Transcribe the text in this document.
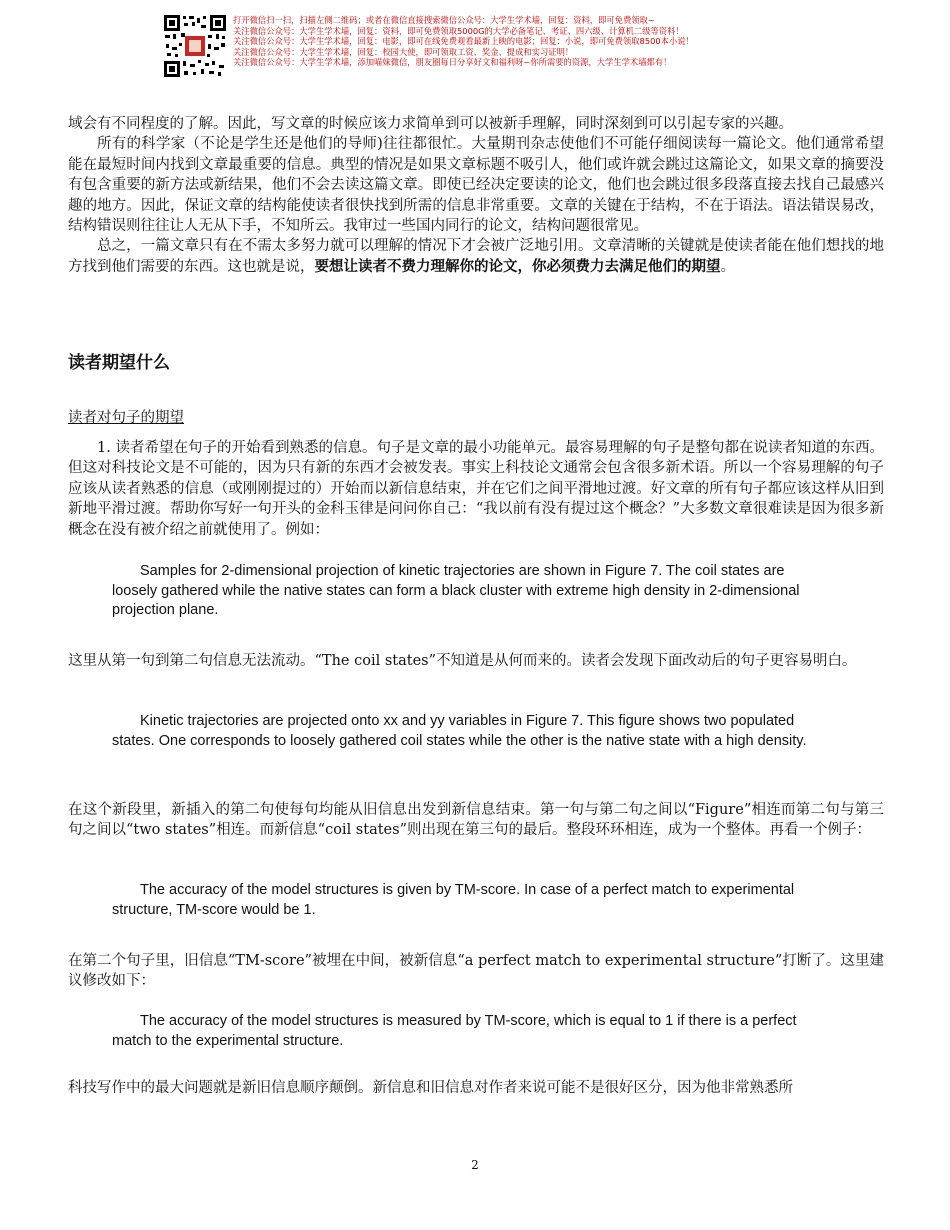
打开微信扫一扫，扫描左侧二维码；或者在微信直接搜索微信公众号：大学生学术墙，回复：资料，即可免费领取~
关注微信公众号：大学生学术墙，回复：资料，即可免费领取5000G的大学必备笔记、考证、四六级、计算机二级等资料！
关注微信公众号：大学生学术墙，回复：电影，即可在线免费观看最新上映的电影；回复：小说，即可免费领取8500本小说！
关注微信公众号：大学生学术墙，回复：校园大使，即可领取工资、奖金、提成和实习证明！
关注微信公众号：大学生学术墙，添加喵妹微信，朋友圈每日分享好文和福利呀~你所需要的资源，大学生学术墙都有！

域会有不同程度的了解。因此，写文章的时候应该力求简单到可以被新手理解，同时深刻到可以引起专家的兴趣。

所有的科学家（不论是学生还是他们的导师)往往都很忙。大量期刊杂志使他们不可能仔细阅读每一篇论文。他们通常希望能在最短时间内找到文章最重要的信息。典型的情况是如果文章标题不吸引人，他们或许就会跳过这篇论文，如果文章的摘要没有包含重要的新方法或新结果，他们不会去读这篇文章。即使已经决定要读的论文，他们也会跳过很多段落直接去找自己最感兴趣的地方。因此，保证文章的结构能使读者很快找到所需的信息非常重要。文章的关键在于结构，不在于语法。语法错误易改，结构错误则往往让人无从下手，不知所云。我审过一些国内同行的论文，结构问题很常见。

总之，一篇文章只有在不需太多努力就可以理解的情况下才会被广泛地引用。文章清晰的关键就是使读者能在他们想找的地方找到他们需要的东西。这也就是说，要想让读者不费力理解你的论文，你必须费力去满足他们的期望。

读者期望什么
读者对句子的期望

1. 读者希望在句子的开始看到熟悉的信息。句子是文章的最小功能单元。最容易理解的句子是整句都在说读者知道的东西。但这对科技论文是不可能的，因为只有新的东西才会被发表。事实上科技论文通常会包含很多新术语。所以一个容易理解的句子应该从读者熟悉的信息（或刚刚提过的）开始而以新信息结束，并在它们之间平滑地过渡。好文章的所有句子都应该这样从旧到新地平滑过渡。帮助你写好一句开头的金科玉律是问问你自己：“我以前有没有提过这个概念？”大多数文章很难读是因为很多新概念在没有被介绍之前就使用了。例如：

Samples for 2-dimensional projection of kinetic trajectories are shown in Figure 7. The coil states are loosely gathered while the native states can form a black cluster with extreme high density in 2-dimensional projection plane.

这里从第一句到第二句信息无法流动。“The coil states”不知道是从何而来的。读者会发现下面改动后的句子更容易明白。

Kinetic trajectories are projected onto xx and yy variables in Figure 7. This figure shows two populated states. One corresponds to loosely gathered coil states while the other is the native state with a high density.

在这个新段里，新插入的第二句使每句均能从旧信息出发到新信息结束。第一句与第二句之间以“Figure”相连而第二句与第三句之间以“two states”相连。而新信息“coil states”则出现在第三句的最后。整段环环相连，成为一个整体。再看一个例子：

The accuracy of the model structures is given by TM-score. In case of a perfect match to experimental structure, TM-score would be 1.

在第二个句子里，旧信息“TM-score”被埋在中间，被新信息“a perfect match to experimental structure”打断了。这里建议修改如下：

The accuracy of the model structures is measured by TM-score, which is equal to 1 if there is a perfect match to the experimental structure.

科技写作中的最大问题就是新旧信息顺序颠倒。新信息和旧信息对作者来说可能不是很好区分，因为他非常熟悉所

2
